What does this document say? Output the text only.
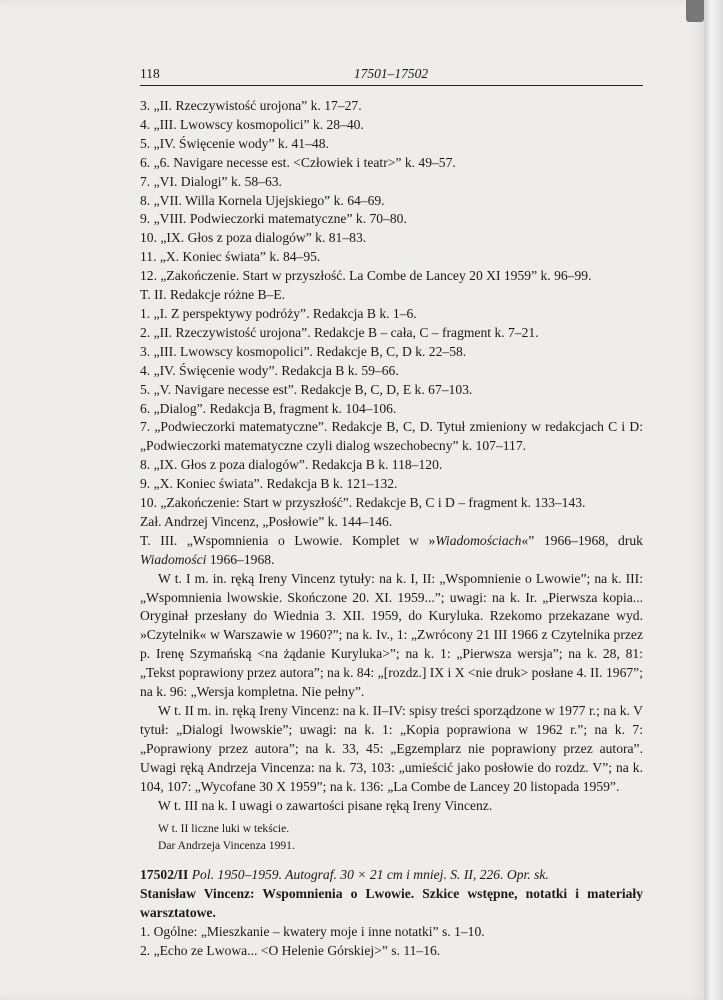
118	17501–17502

3. „II. Rzeczywistość urojona” k. 17–27.

4. „III. Lwowscy kosmopolici” k. 28–40.

5. „IV. Święcenie wody” k. 41–48.

6. „6. Navigare necesse est. <Człowiek i teatr>” k. 49–57.

7. „VI. Dialogi” k. 58–63.

8. „VII. Willa Kornela Ujejskiego” k. 64–69.

9. „VIII. Podwieczorki matematyczne” k. 70–80.

10. „IX. Głos z poza dialogów” k. 81–83.

11. „X. Koniec świata” k. 84–95.

12. „Zakończenie. Start w przyszłość. La Combe de Lancey 20 XI 1959” k. 96–99.

T. II. Redakcje różne B–E.

1. „I. Z perspektywy podróży”. Redakcja B k. 1–6.

2. „II. Rzeczywistość urojona”. Redakcje B – cała, C – fragment k. 7–21.

3. „III. Lwowscy kosmopolici”. Redakcje B, C, D k. 22–58.

4. „IV. Święcenie wody”. Redakcja B k. 59–66.

5. „V. Navigare necesse est”. Redakcje B, C, D, E k. 67–103.

6. „Dialog”. Redakcja B, fragment k. 104–106.

7. „Podwieczorki matematyczne”. Redakcje B, C, D. Tytuł zmieniony w redakcjach C i D: „Podwieczorki matematyczne czyli dialog wszechobecny” k. 107–117.

8. „IX. Głos z poza dialogów”. Redakcja B k. 118–120.

9. „X. Koniec świata”. Redakcja B k. 121–132.

10. „Zakończenie: Start w przyszłość”. Redakcje B, C i D – fragment k. 133–143.

Zał. Andrzej Vincenz, „Posłowie” k. 144–146.

T. III. „Wspomnienia o Lwowie. Komplet w »Wiadomościach«” 1966–1968, druk Wiadomości 1966–1968.

W t. I m. in. ręką Ireny Vincenz tytuły: na k. I, II: „Wspomnienie o Lwowie”; na k. III: „Wspomnienia lwowskie. Skończone 20. XI. 1959...”; uwagi: na k. Ir. „Pierwsza kopia... Oryginał przesłany do Wiednia 3. XII. 1959, do Kuryluka. Rzekomo przekazane wyd. »Czytelnik« w Warszawie w 1960?”; na k. Iv., 1: „Zwrócony 21 III 1966 z Czytelnika przez p. Irenę Szymańską <na żądanie Kuryluka>”; na k. 1: „Pierwsza wersja”; na k. 28, 81: „Tekst poprawiony przez autora”; na k. 84: „[rozdz.] IX i X <nie druk> posłane 4. II. 1967”; na k. 96: „Wersja kompletna. Nie pełny”.

W t. II m. in. ręką Ireny Vincenz: na k. II–IV: spisy treści sporządzone w 1977 r.; na k. V tytuł: „Dialogi lwowskie”; uwagi: na k. 1: „Kopia poprawiona w 1962 r.”; na k. 7: „Poprawiony przez autora”; na k. 33, 45: „Egzemplarz nie poprawiony przez autora”. Uwagi ręką Andrzeja Vincenza: na k. 73, 103: „umieścić jako posłowie do rozdz. V”; na k. 104, 107: „Wycofane 30 X 1959”; na k. 136: „La Combe de Lancey 20 listopada 1959”.

W t. III na k. I uwagi o zawartości pisane ręką Ireny Vincenz.

W t. II liczne luki w tekście.

Dar Andrzeja Vincenza 1991.

17502/II Pol. 1950–1959. Autograf. 30 × 21 cm i mniej. S. II, 226. Opr. sk.

Stanisław Vincenz: Wspomnienia o Lwowie. Szkice wstępne, notatki i materiały warsztatowe.

1. Ogólne: „Mieszkanie – kwatery moje i inne notatki” s. 1–10.

2. „Echo ze Lwowa... <O Helenie Górskiej>” s. 11–16.
